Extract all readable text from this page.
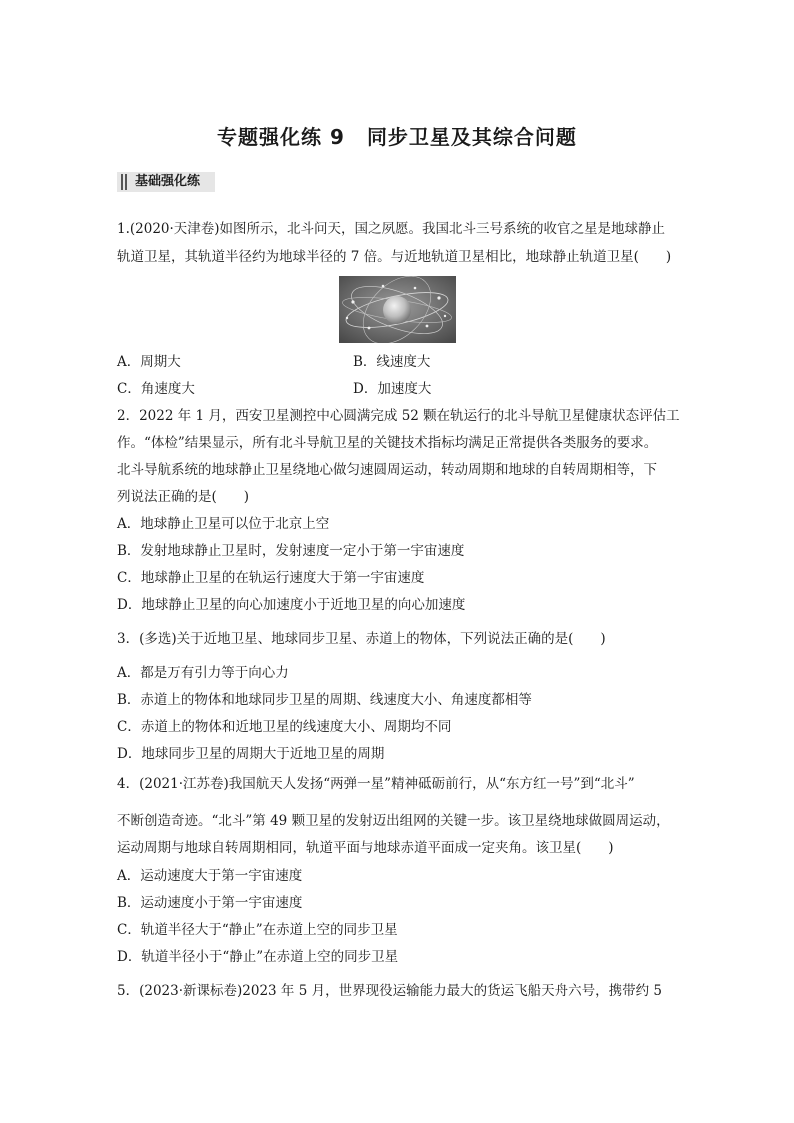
专题强化练 9 同步卫星及其综合问题
基础强化练
1.(2020·天津卷)如图所示，北斗问天，国之夙愿。我国北斗三号系统的收官之星是地球静止
轨道卫星，其轨道半径约为地球半径的 7 倍。与近地轨道卫星相比，地球静止轨道卫星(　　)
A．周期大	B．线速度大
C．角速度大	D．加速度大
2．2022 年 1 月，西安卫星测控中心圆满完成 52 颗在轨运行的北斗导航卫星健康状态评估工
作。“体检”结果显示，所有北斗导航卫星的关键技术指标均满足正常提供各类服务的要求。
北斗导航系统的地球静止卫星绕地心做匀速圆周运动，转动周期和地球的自转周期相等，下
列说法正确的是(　　)
A．地球静止卫星可以位于北京上空
B．发射地球静止卫星时，发射速度一定小于第一宇宙速度
C．地球静止卫星的在轨运行速度大于第一宇宙速度
D．地球静止卫星的向心加速度小于近地卫星的向心加速度
3．(多选)关于近地卫星、地球同步卫星、赤道上的物体，下列说法正确的是(　　)
A．都是万有引力等于向心力
B．赤道上的物体和地球同步卫星的周期、线速度大小、角速度都相等
C．赤道上的物体和近地卫星的线速度大小、周期均不同
D．地球同步卫星的周期大于近地卫星的周期
4．(2021·江苏卷)我国航天人发扬“两弹一星”精神砥砺前行，从“东方红一号”到“北斗”
不断创造奇迹。“北斗”第 49 颗卫星的发射迈出组网的关键一步。该卫星绕地球做圆周运动，
运动周期与地球自转周期相同，轨道平面与地球赤道平面成一定夹角。该卫星(　　)
A．运动速度大于第一宇宙速度
B．运动速度小于第一宇宙速度
C．轨道半径大于“静止”在赤道上空的同步卫星
D．轨道半径小于“静止”在赤道上空的同步卫星
5．(2023·新课标卷)2023 年 5 月，世界现役运输能力最大的货运飞船天舟六号，携带约 5
